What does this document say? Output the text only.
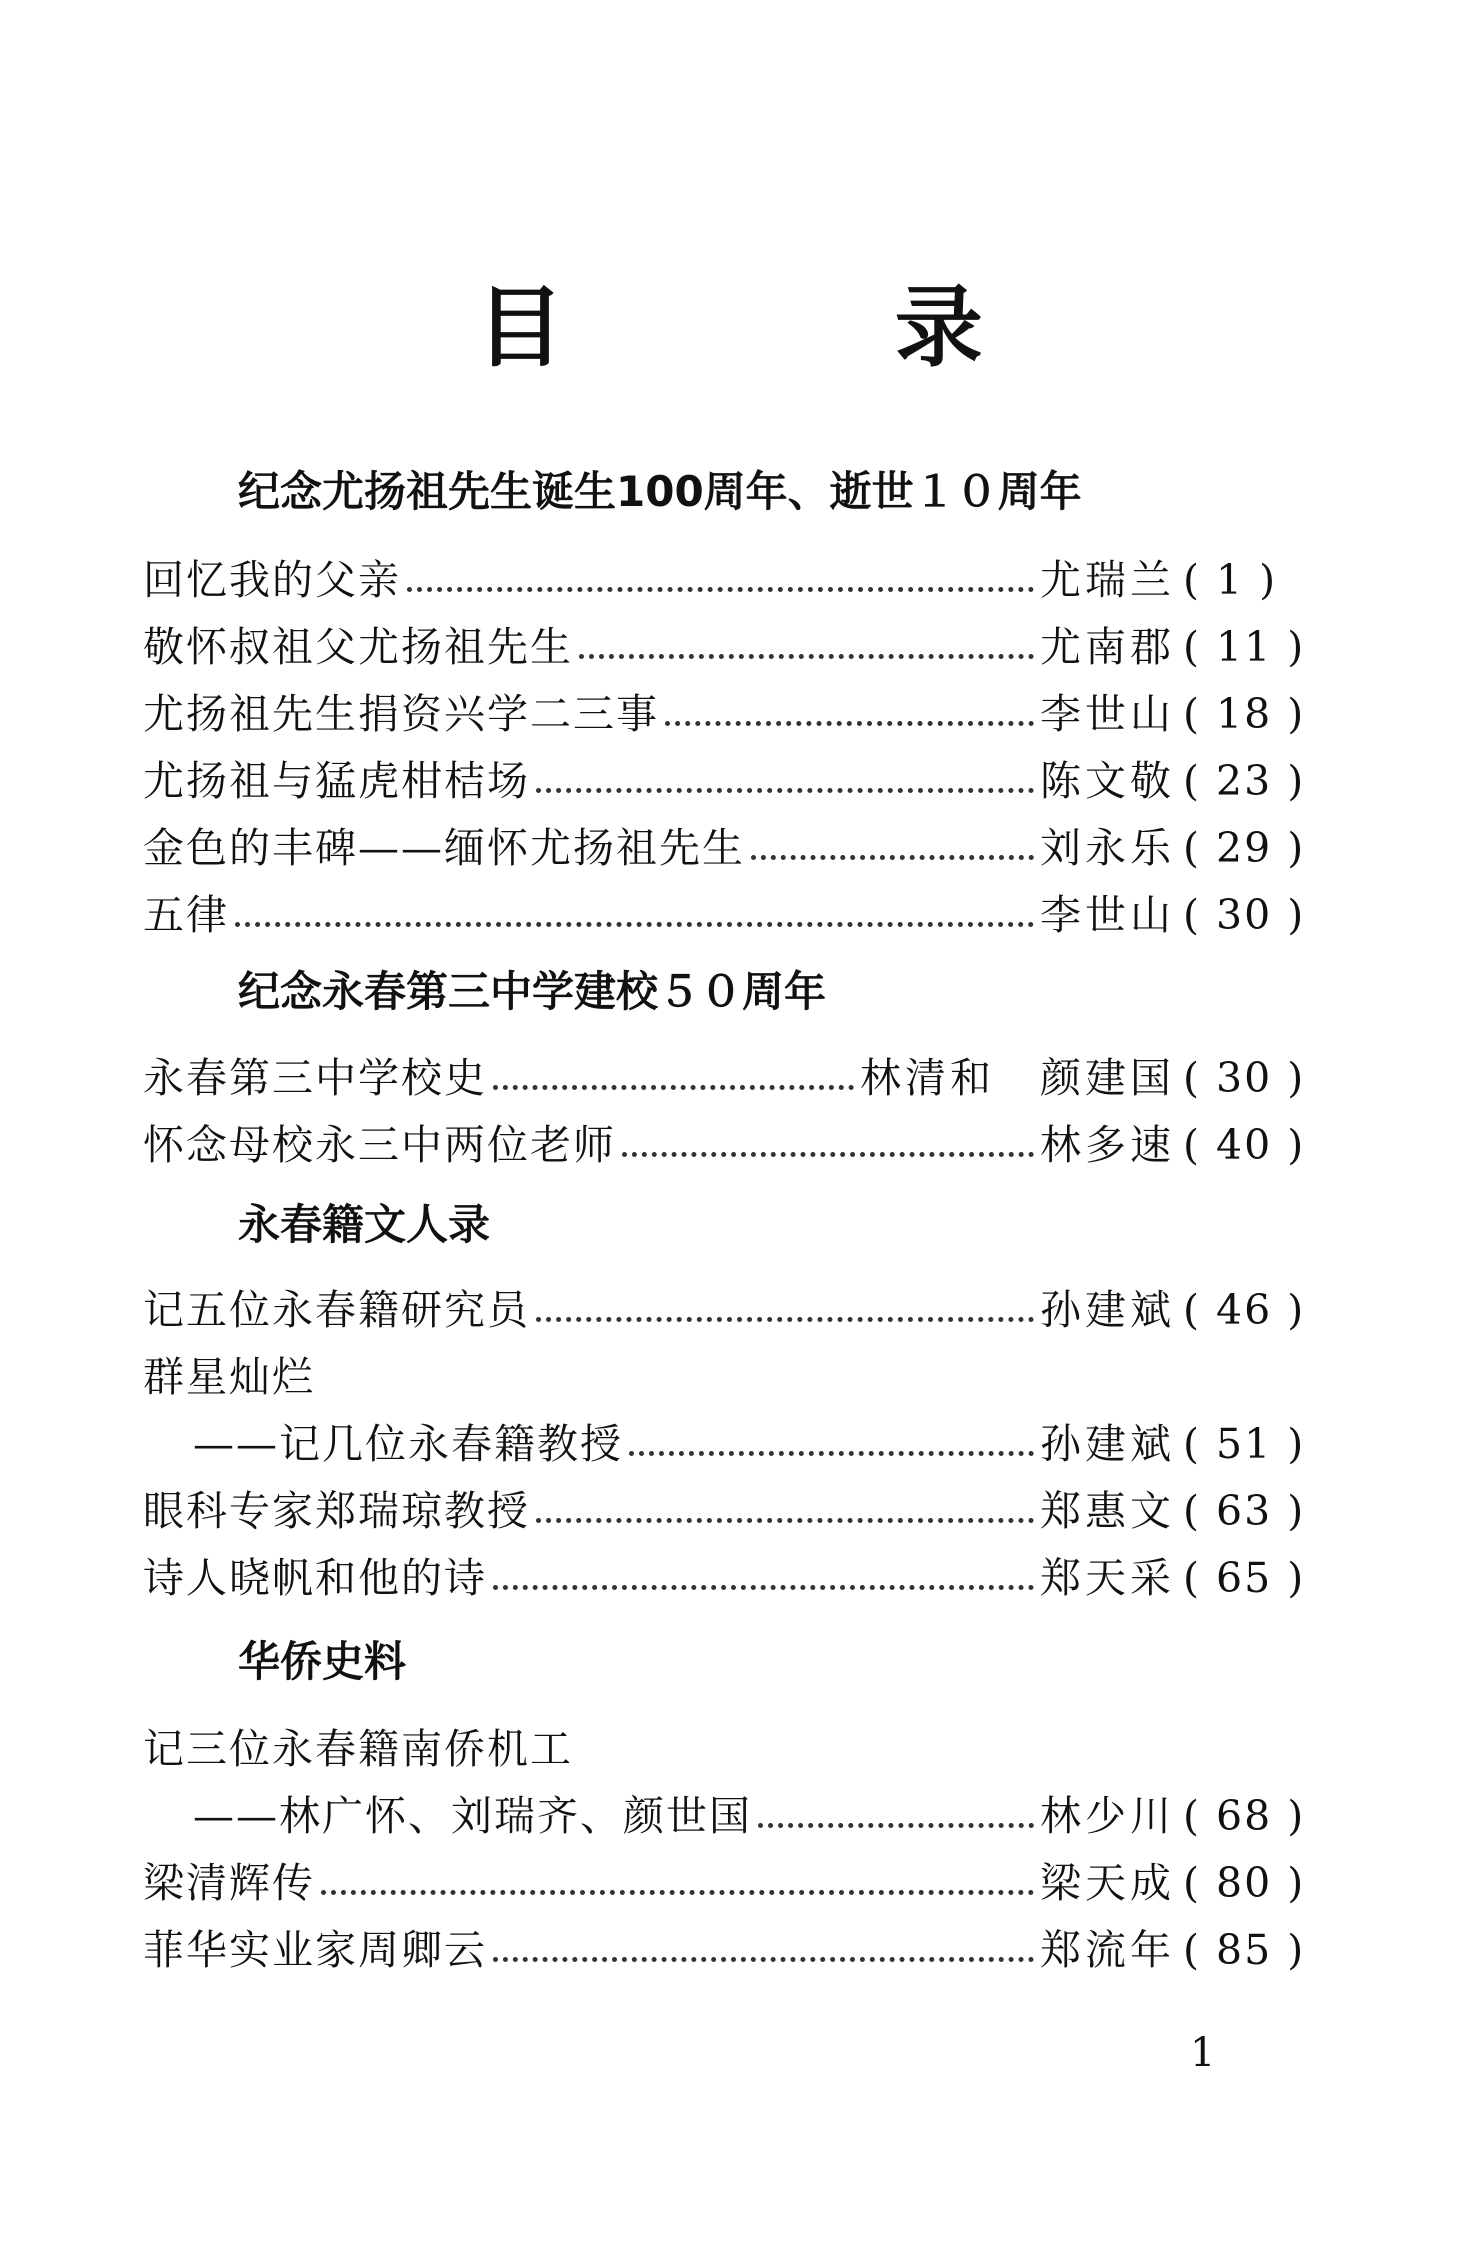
目 录
纪念尤扬祖先生诞生100周年、逝世１０周年
回忆我的父亲	尤瑞兰 ( 1 )
敬怀叔祖父尤扬祖先生	尤南郡 ( 11 )
尤扬祖先生捐资兴学二三事	李世山 ( 18 )
尤扬祖与猛虎柑桔场	陈文敬 ( 23 )
金色的丰碑——缅怀尤扬祖先生	刘永乐 ( 29 )
五律	李世山 ( 30 )
纪念永春第三中学建校５０周年
永春第三中学校史	林清和　颜建国 ( 30 )
怀念母校永三中两位老师	林多速 ( 40 )
永春籍文人录
记五位永春籍研究员	孙建斌 ( 46 )
群星灿烂
——记几位永春籍教授	孙建斌 ( 51 )
眼科专家郑瑞琼教授	郑惠文 ( 63 )
诗人晓帆和他的诗	郑天采 ( 65 )
华侨史料
记三位永春籍南侨机工
——林广怀、刘瑞齐、颜世国	林少川 ( 68 )
梁清辉传	梁天成 ( 80 )
菲华实业家周卿云	郑流年 ( 85 )
1
